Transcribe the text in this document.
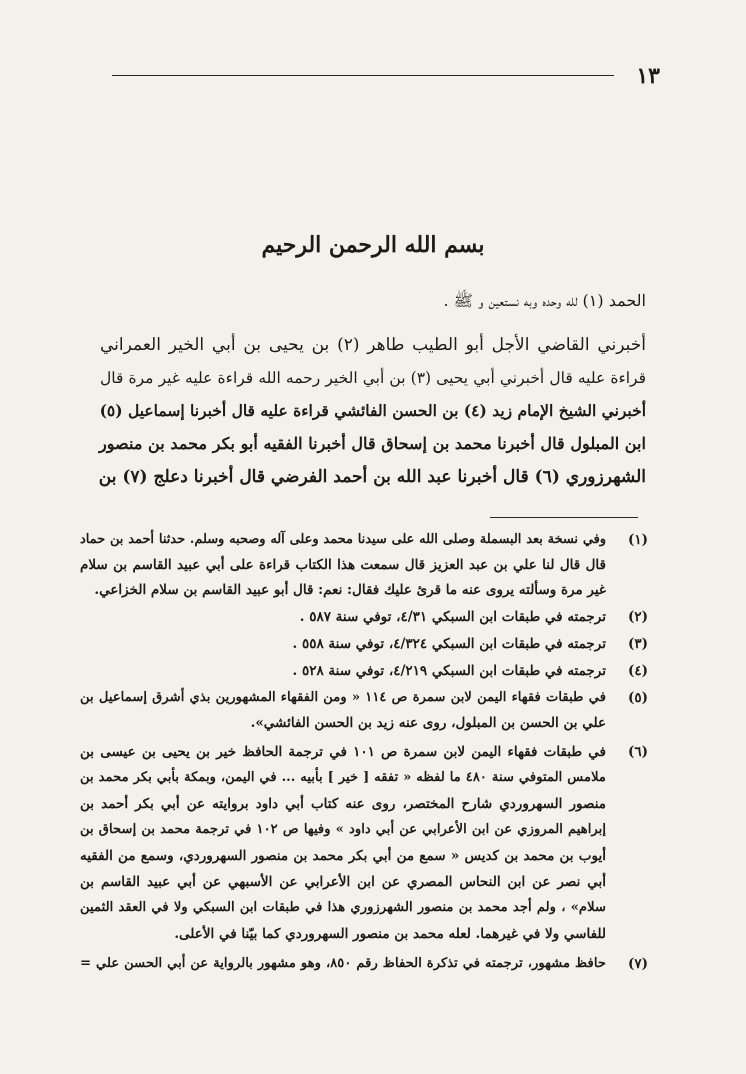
١٣
بسم الله الرحمن الرحيم
الحمد (١) لله وحده وبه نستعين و ﷺ .
أخبرني القاضي الأجل أبو الطيب طاهر (٢) بن يحيى بن أبي الخير العمراني
قراءة عليه قال أخبرني أبي يحيى (٣) بن أبي الخير رحمه الله قراءة عليه غير مرة قال
أخبرني الشيخ الإمام زيد (٤) بن الحسن الفائشي قراءة عليه قال أخبرنا إسماعيل (٥)
ابن المبلول قال أخبرنا محمد بن إسحاق قال أخبرنا الفقيه أبو بكر محمد بن منصور
الشهرزوري (٦) قال أخبرنا عبد الله بن أحمد الفرضي قال أخبرنا دعلج (٧) بن
(١)
وفي نسخة بعد البسملة وصلى الله على سيدنا محمد وعلى آله وصحبه وسلم. حدثنا أحمد بن حماد
قال قال لنا علي بن عبد العزيز قال سمعت هذا الكتاب قراءة على أبي عبيد القاسم بن سلام
غير مرة وسألته يروى عنه ما قرئ عليك فقال: نعم: قال أبو عبيد القاسم بن سلام الخزاعي.
(٢)
ترجمته في طبقات ابن السبكي ٤/٣١، توفي سنة ٥٨٧ .
(٣)
ترجمته في طبقات ابن السبكي ٤/٣٢٤، توفي سنة ٥٥٨ .
(٤)
ترجمته في طبقات ابن السبكي ٤/٢١٩، توفي سنة ٥٢٨ .
(٥)
في طبقات فقهاء اليمن لابن سمرة ص ١١٤ « ومن الفقهاء المشهورين بذي أشرق إسماعيل بن
علي بن الحسن بن المبلول، روى عنه زيد بن الحسن الفائشي».
(٦)
في طبقات فقهاء اليمن لابن سمرة ص ١٠١ في ترجمة الحافظ خير بن يحيى بن عيسى بن
ملامس المتوفي سنة ٤٨٠ ما لفظه « تفقه [ خير ] بأبيه ... في اليمن، وبمكة بأبي بكر محمد بن
منصور السهروردي شارح المختصر، روى عنه كتاب أبي داود بروايته عن أبي بكر أحمد بن
إبراهيم المروزي عن ابن الأعرابي عن أبي داود » وفيها ص ١٠٢ في ترجمة محمد بن إسحاق بن
أيوب بن محمد بن كديس « سمع من أبي بكر محمد بن منصور السهروردي، وسمع من الفقيه
أبي نصر عن ابن النحاس المصري عن ابن الأعرابي عن الأسبهي عن أبي عبيد القاسم بن
سلام» ، ولم أجد محمد بن منصور الشهرزوري هذا في طبقات ابن السبكي ولا في العقد الثمين
للفاسي ولا في غيرهما. لعله محمد بن منصور السهروردي كما بيّنا في الأعلى.
(٧)
حافظ مشهور، ترجمته في تذكرة الحفاظ رقم ٨٥٠، وهو مشهور بالرواية عن أبي الحسن علي =
